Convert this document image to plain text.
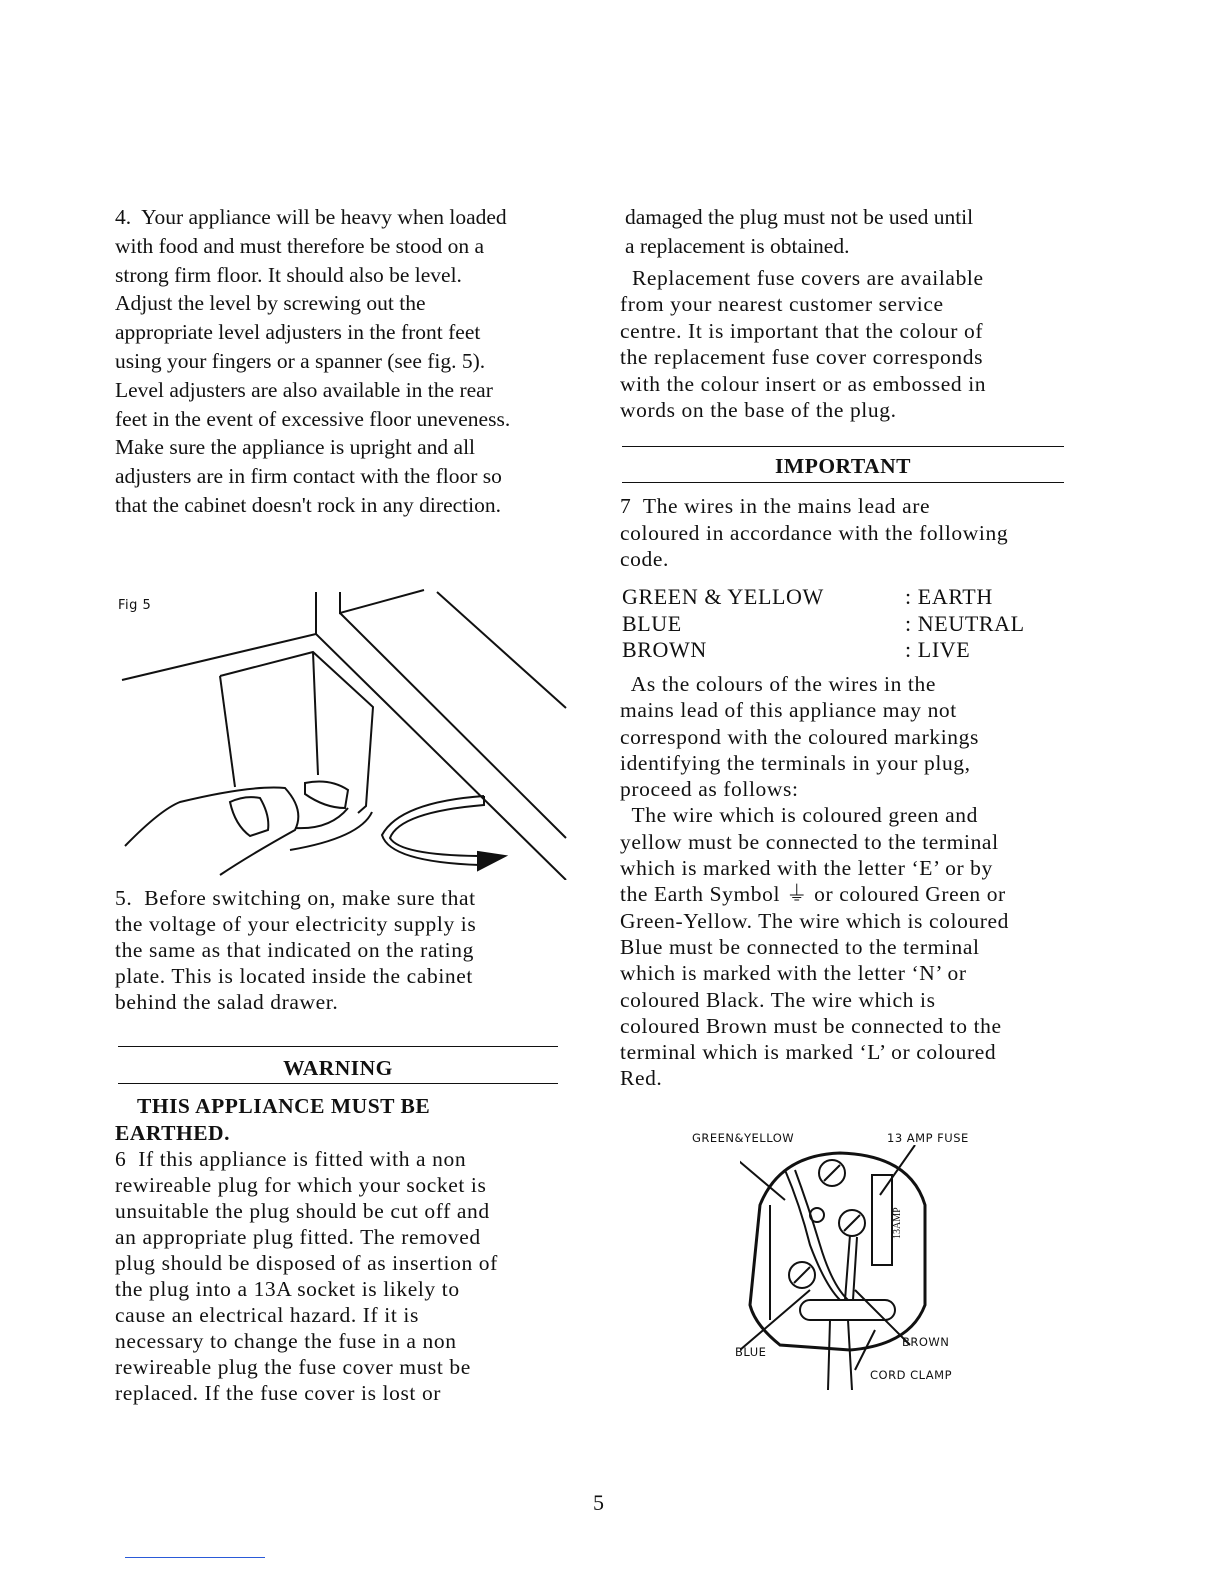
4.  Your appliance will be heavy when loaded
with food and must therefore be stood on a
strong firm floor. It should also be level.
Adjust the level by screwing out the
appropriate level adjusters in the front feet
using your fingers or a spanner (see fig. 5).
Level adjusters are also available in the rear
feet in the event of excessive floor uneveness.
Make sure the appliance is upright and all
adjusters are in firm contact with the floor so
that the cabinet doesn't rock in any direction.
Fig 5
5.  Before switching on, make sure that
the voltage of your electricity supply is
the same as that indicated on the rating
plate. This is located inside the cabinet
behind the salad drawer.
WARNING
THIS APPLIANCE MUST BE
EARTHED.
6  If this appliance is fitted with a non
rewireable plug for which your socket is
unsuitable the plug should be cut off and
an appropriate plug fitted. The removed
plug should be disposed of as insertion of
the plug into a 13A socket is likely to
cause an electrical hazard. If it is
necessary to change the fuse in a non
rewireable plug the fuse cover must be
replaced. If the fuse cover is lost or
damaged the plug must not be used until
a replacement is obtained.
Replacement fuse covers are available
from your nearest customer service
centre. It is important that the colour of
the replacement fuse cover corresponds
with the colour insert or as embossed in
words on the base of the plug.
IMPORTANT
7  The wires in the mains lead are
coloured in accordance with the following
code.
GREEN & YELLOW
BLUE
BROWN
: EARTH
: NEUTRAL
: LIVE
As the colours of the wires in the
mains lead of this appliance may not
correspond with the coloured markings
identifying the terminals in your plug,
proceed as follows:
The wire which is coloured green and
yellow must be connected to the terminal
which is marked with the letter ‘E’ or by
the Earth Symbol ⏚ or coloured Green or
Green-Yellow. The wire which is coloured
Blue must be connected to the terminal
which is marked with the letter ‘N’ or
coloured Black. The wire which is
coloured Brown must be connected to the
terminal which is marked ‘L’ or coloured
Red.
GREEN&YELLOW	13 AMP FUSE
BLUE
BROWN
CORD CLAMP
13AMP
5
